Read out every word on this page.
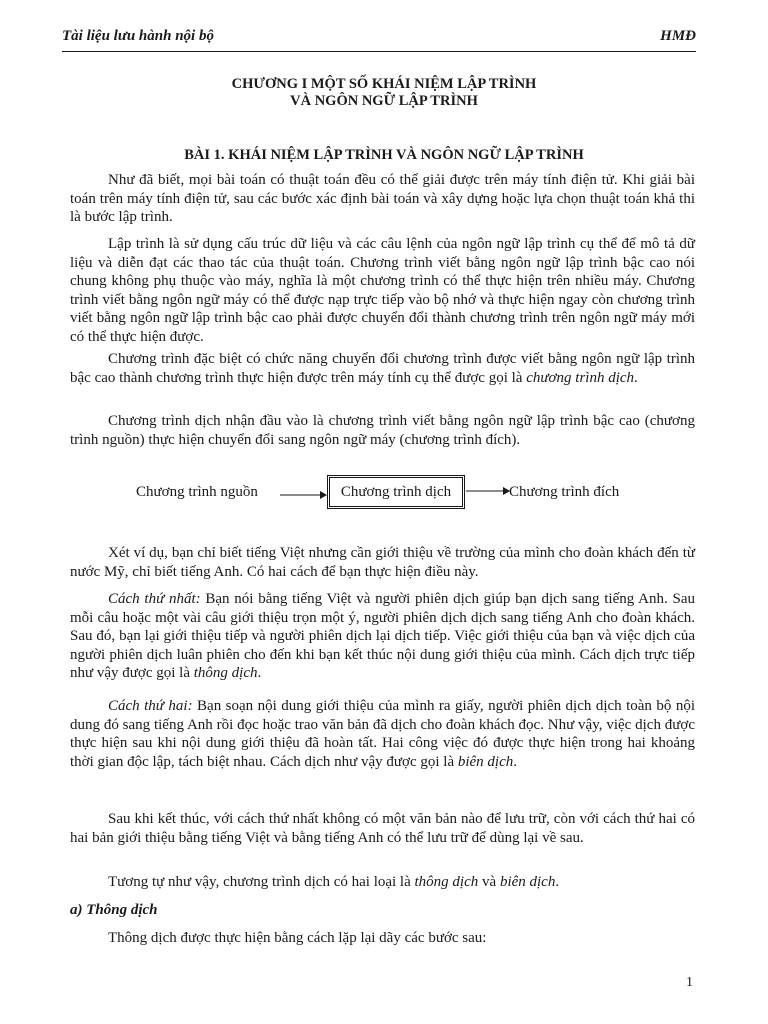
Tài liệu lưu hành nội bộ	HMĐ
CHƯƠNG I MỘT SỐ KHÁI NIỆM LẬP TRÌNH
VÀ NGÔN NGỮ LẬP TRÌNH
BÀI 1. KHÁI NIỆM LẬP TRÌNH VÀ NGÔN NGỮ LẬP TRÌNH

Như đã biết, mọi bài toán có thuật toán đều có thể giải được trên máy tính điện tử. Khi giải bài toán trên máy tính điện tử, sau các bước xác định bài toán và xây dựng hoặc lựa chọn thuật toán khả thi là bước lập trình.

Lập trình là sử dụng cấu trúc dữ liệu và các câu lệnh của ngôn ngữ lập trình cụ thể để mô tả dữ liệu và diễn đạt các thao tác của thuật toán. Chương trình viết bằng ngôn ngữ lập trình bậc cao nói chung không phụ thuộc vào máy, nghĩa là một chương trình có thể thực hiện trên nhiều máy. Chương trình viết bằng ngôn ngữ máy có thể được nạp trực tiếp vào bộ nhớ và thực hiện ngay còn chương trình viết bằng ngôn ngữ lập trình bậc cao phải được chuyển đổi thành chương trình trên ngôn ngữ máy mới có thể thực hiện được.

Chương trình đặc biệt có chức năng chuyển đổi chương trình được viết bằng ngôn ngữ lập trình bậc cao thành chương trình thực hiện được trên máy tính cụ thể được gọi là chương trình dịch.

Chương trình dịch nhận đầu vào là chương trình viết bằng ngôn ngữ lập trình bậc cao (chương trình nguồn) thực hiện chuyển đổi sang ngôn ngữ máy (chương trình đích).

Chương trình nguồn	Chương trình dịch	Chương trình đích

Xét ví dụ, bạn chỉ biết tiếng Việt nhưng cần giới thiệu về trường của mình cho đoàn khách đến từ nước Mỹ, chỉ biết tiếng Anh. Có hai cách để bạn thực hiện điều này.

Cách thứ nhất: Bạn nói bằng tiếng Việt và người phiên dịch giúp bạn dịch sang tiếng Anh. Sau mỗi câu hoặc một vài câu giới thiệu trọn một ý, người phiên dịch dịch sang tiếng Anh cho đoàn khách. Sau đó, bạn lại giới thiệu tiếp và người phiên dịch lại dịch tiếp. Việc giới thiệu của bạn và việc dịch của người phiên dịch luân phiên cho đến khi bạn kết thúc nội dung giới thiệu của mình. Cách dịch trực tiếp như vậy được gọi là thông dịch.

Cách thứ hai: Bạn soạn nội dung giới thiệu của mình ra giấy, người phiên dịch dịch toàn bộ nội dung đó sang tiếng Anh rồi đọc hoặc trao văn bản đã dịch cho đoàn khách đọc. Như vậy, việc dịch được thực hiện sau khi nội dung giới thiệu đã hoàn tất. Hai công việc đó được thực hiện trong hai khoảng thời gian độc lập, tách biệt nhau. Cách dịch như vậy được gọi là biên dịch.

Sau khi kết thúc, với cách thứ nhất không có một văn bản nào để lưu trữ, còn với cách thứ hai có hai bản giới thiệu bằng tiếng Việt và bằng tiếng Anh có thể lưu trữ để dùng lại về sau.

Tương tự như vậy, chương trình dịch có hai loại là thông dịch và biên dịch.

a) Thông dịch

Thông dịch được thực hiện bằng cách lặp lại dãy các bước sau:

1
